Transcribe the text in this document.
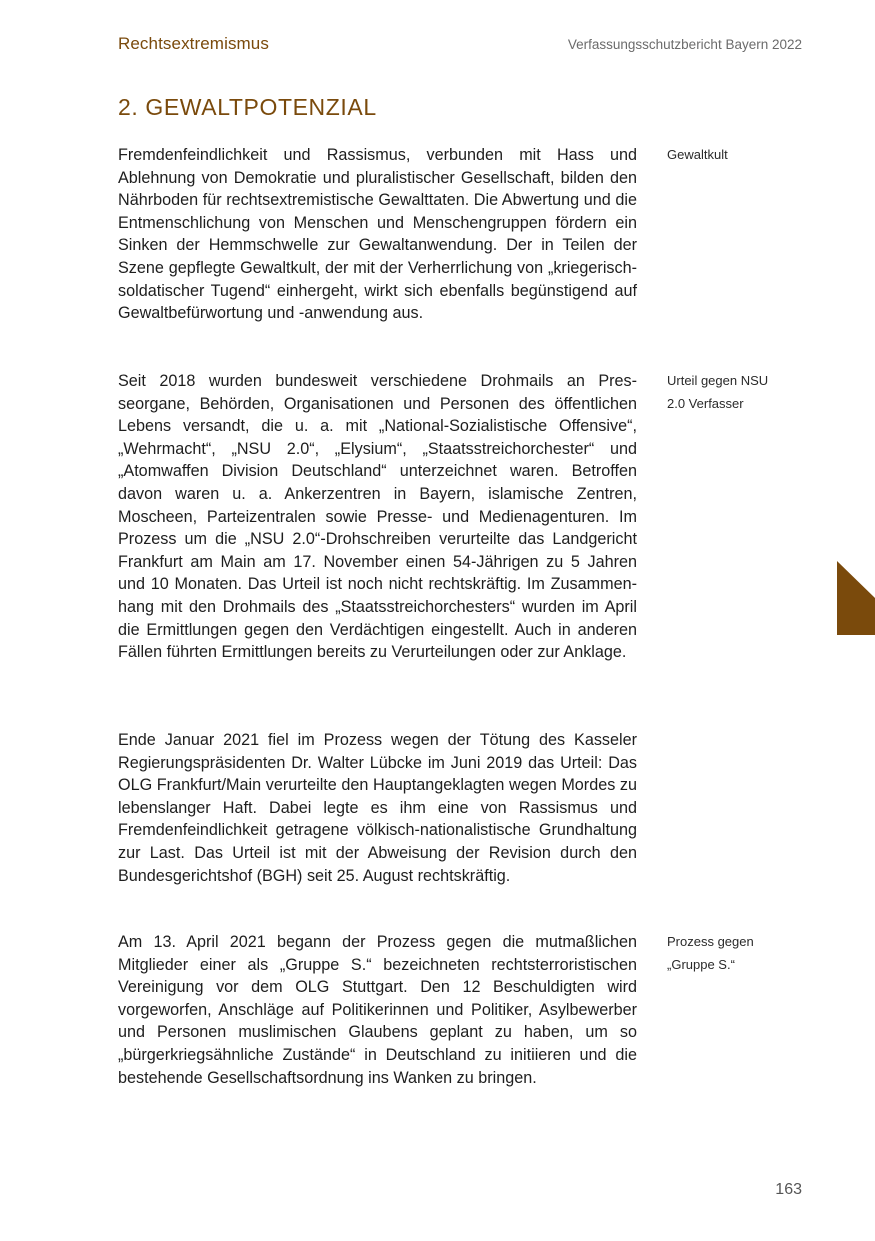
Rechtsextremismus	Verfassungsschutzbericht Bayern 2022
2. GEWALTPOTENZIAL

Fremdenfeindlichkeit und Rassismus, verbunden mit Hass und Ablehnung von Demokratie und pluralistischer Gesellschaft, bilden den Nährboden für rechtsextremistische Gewalttaten. Die Abwertung und die Entmenschlichung von Menschen und Menschengruppen fördern ein Sinken der Hemmschwelle zur Gewaltanwendung. Der in Teilen der Szene gepflegte Gewaltkult, der mit der Verherrlichung von „kriegerisch-soldatischer Tugend“ einhergeht, wirkt sich ebenfalls begünstigend auf Gewaltbefürwortung und -anwendung aus.

Seit 2018 wurden bundesweit verschiedene Drohmails an Presseorgane, Behörden, Organisationen und Personen des öffentlichen Lebens versandt, die u. a. mit „National-Sozialistische Offensive“, „Wehrmacht“, „NSU 2.0“, „Elysium“, „Staatsstreichorchester“ und „Atomwaffen Division Deutschland“ unterzeichnet waren. Betroffen davon waren u. a. Ankerzentren in Bayern, islamische Zentren, Moscheen, Parteizentralen sowie Presse- und Medienagenturen. Im Prozess um die „NSU 2.0“-Drohschreiben verurteilte das Landgericht Frankfurt am Main am 17. November einen 54-Jährigen zu 5 Jahren und 10 Monaten. Das Urteil ist noch nicht rechtskräftig. Im Zusammenhang mit den Drohmails des „Staatsstreichorchesters“ wurden im April die Ermittlungen gegen den Verdächtigen eingestellt. Auch in anderen Fällen führten Ermittlungen bereits zu Verurteilungen oder zur Anklage.

Ende Januar 2021 fiel im Prozess wegen der Tötung des Kasseler Regierungspräsidenten Dr. Walter Lübcke im Juni 2019 das Urteil: Das OLG Frankfurt/Main verurteilte den Hauptangeklagten wegen Mordes zu lebenslanger Haft. Dabei legte es ihm eine von Rassismus und Fremdenfeindlichkeit getragene völkisch-nationalistische Grundhaltung zur Last. Das Urteil ist mit der Abweisung der Revision durch den Bundesgerichtshof (BGH) seit 25. August rechtskräftig.

Am 13. April 2021 begann der Prozess gegen die mutmaßlichen Mitglieder einer als „Gruppe S.“ bezeichneten rechtsterroristischen Vereinigung vor dem OLG Stuttgart. Den 12 Beschuldigten wird vorgeworfen, Anschläge auf Politikerinnen und Politiker, Asylbewerber und Personen muslimischen Glaubens geplant zu haben, um so „bürgerkriegsähnliche Zustände“ in Deutschland zu initiieren und die bestehende Gesellschaftsordnung ins Wanken zu bringen.

Gewaltkult
Urteil gegen NSU
2.0 Verfasser
Prozess gegen
„Gruppe S.“
163
